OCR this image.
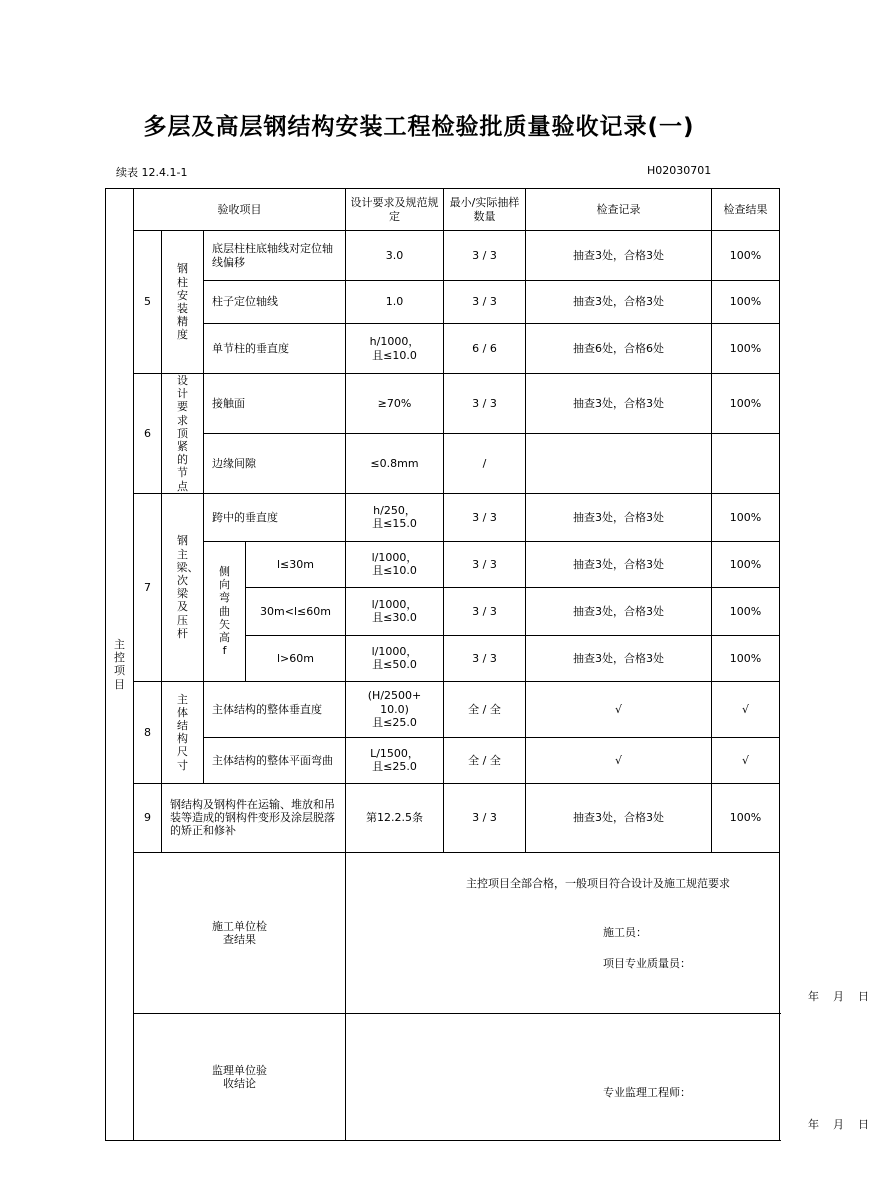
多层及高层钢结构安装工程检验批质量验收记录(一)
续表 12.4.1-1	H02030701
主控项目	验收项目				设计要求及规范规定	最小/实际抽样数量	检查记录	检查结果
	5	钢柱安装精度	底层柱柱底轴线对定位轴线偏移		3.0	3 / 3	抽查3处，合格3处	100%
			柱子定位轴线		1.0	3 / 3	抽查3处，合格3处	100%
			单节柱的垂直度		h/1000，
且≤10.0	6 / 6	抽查6处，合格6处	100%
	6	设计要求顶紧的节点	接触面		≥70%	3 / 3	抽查3处，合格3处	100%
			边缘间隙		≤0.8mm	/		
	7	钢主梁、次梁及压杆	跨中的垂直度		h/250，
且≤15.0	3 / 3	抽查3处，合格3处	100%
			侧向弯曲矢高f	l≤30m	l/1000，
且≤10.0	3 / 3	抽查3处，合格3处	100%
				30m<l≤60m	l/1000，
且≤30.0	3 / 3	抽查3处，合格3处	100%
				l>60m	l/1000，
且≤50.0	3 / 3	抽查3处，合格3处	100%
	8	主体结构尺寸	主体结构的整体垂直度		(H/2500+
10.0)
且≤25.0	全 / 全	√	√
			主体结构的整体平面弯曲		L/1500，
且≤25.0	全 / 全	√	√
	9	钢结构及钢构件在运输、堆放和吊装等造成的钢构件变形及涂层脱落的矫正和修补			第12.2.5条	3 / 3	抽查3处，合格3处	100%

	施工单位检查结果				主控项目全部合格，一般项目符合设计及施工规范要求
施工员：
项目专业质量员：
年    月    日			

	监理单位验收结论				专业监理工程师：
年    月    日			
